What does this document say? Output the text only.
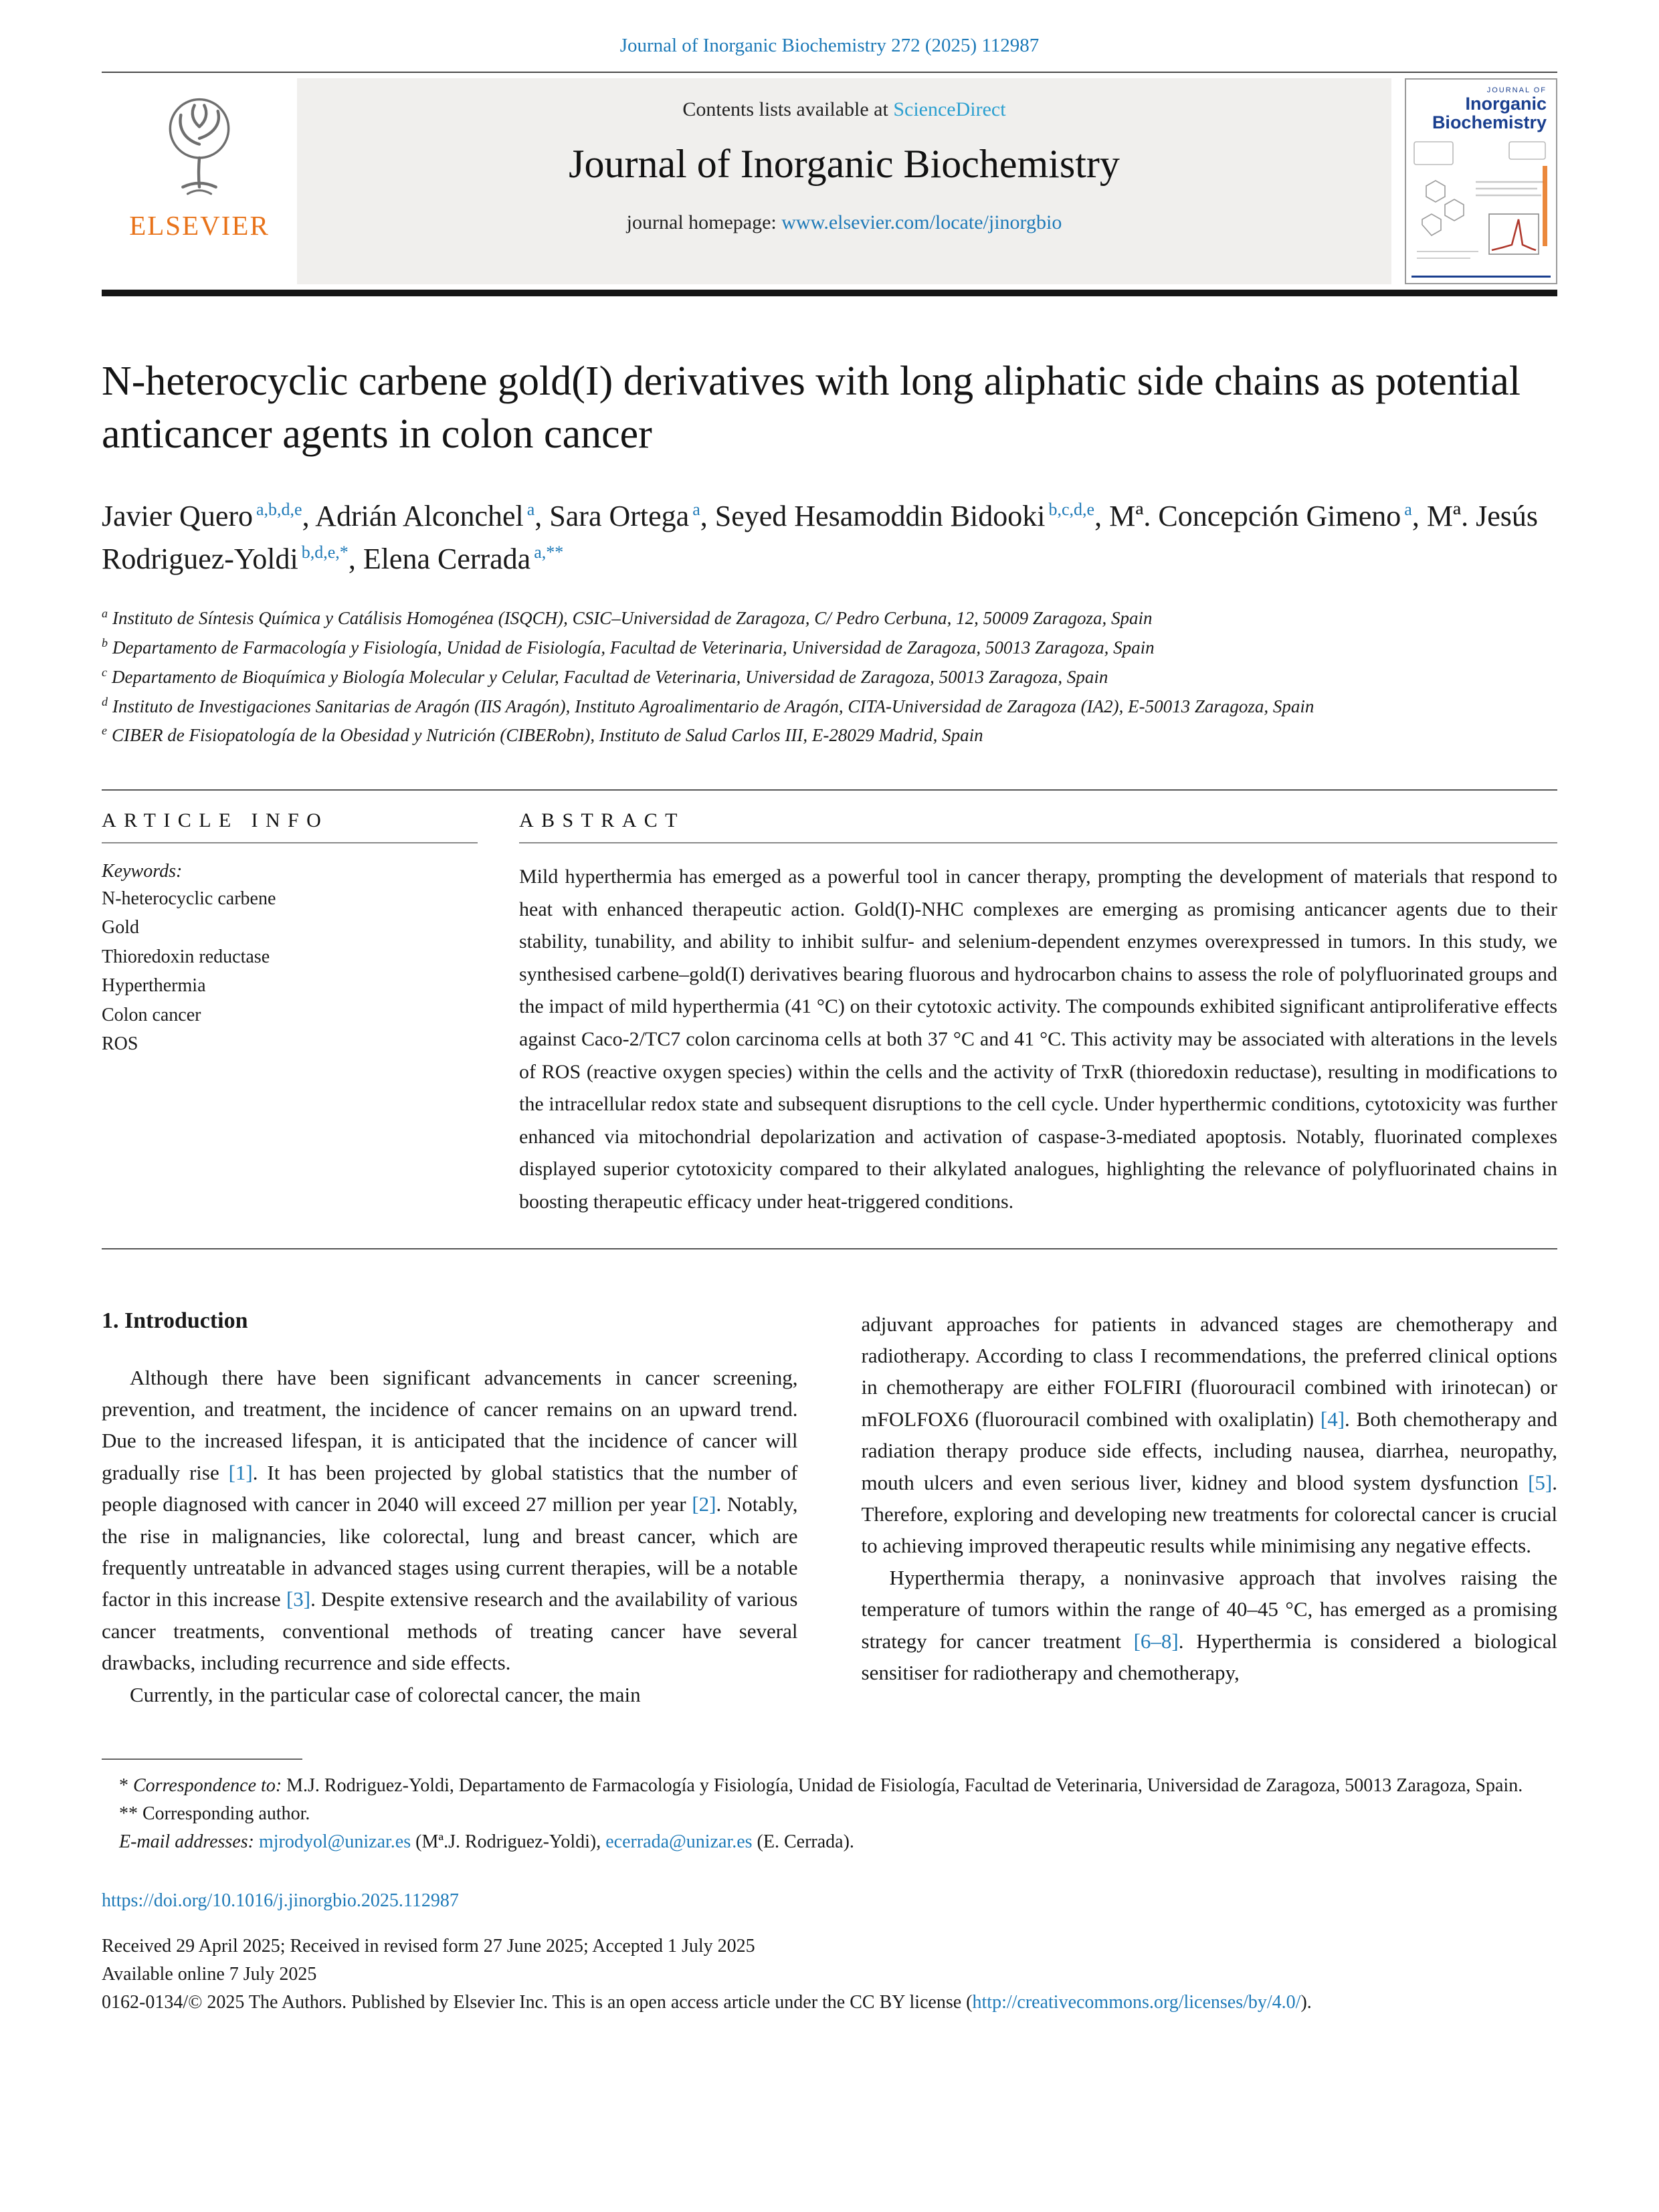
Journal of Inorganic Biochemistry 272 (2025) 112987
ELSEVIER
Contents lists available at ScienceDirect
Journal of Inorganic Biochemistry
journal homepage: www.elsevier.com/locate/jinorgbio
JOURNAL OF
Inorganic
Biochemistry
N-heterocyclic carbene gold(I) derivatives with long aliphatic side chains as potential anticancer agents in colon cancer
Javier Quero $^{a,b,d,e}$, Adrián Alconchel $^a$, Sara Ortega $^a$, Seyed Hesamoddin Bidooki $^{b,c,d,e}$, Mª. Concepción Gimeno $^a$, Mª. Jesús Rodriguez-Yoldi $^{b,d,e,*}$, Elena Cerrada $^{a,**}$
$^a$ Instituto de Síntesis Química y Catálisis Homogénea (ISQCH), CSIC–Universidad de Zaragoza, C/ Pedro Cerbuna, 12, 50009 Zaragoza, Spain
$^b$ Departamento de Farmacología y Fisiología, Unidad de Fisiología, Facultad de Veterinaria, Universidad de Zaragoza, 50013 Zaragoza, Spain
$^c$ Departamento de Bioquímica y Biología Molecular y Celular, Facultad de Veterinaria, Universidad de Zaragoza, 50013 Zaragoza, Spain
$^d$ Instituto de Investigaciones Sanitarias de Aragón (IIS Aragón), Instituto Agroalimentario de Aragón, CITA-Universidad de Zaragoza (IA2), E-50013 Zaragoza, Spain
$^e$ CIBER de Fisiopatología de la Obesidad y Nutrición (CIBERobn), Instituto de Salud Carlos III, E-28029 Madrid, Spain
ARTICLE INFO
Keywords:
N-heterocyclic carbene
Gold
Thioredoxin reductase
Hyperthermia
Colon cancer
ROS
ABSTRACT

Mild hyperthermia has emerged as a powerful tool in cancer therapy, prompting the development of materials that respond to heat with enhanced therapeutic action. Gold(I)-NHC complexes are emerging as promising anticancer agents due to their stability, tunability, and ability to inhibit sulfur- and selenium-dependent enzymes overexpressed in tumors. In this study, we synthesised carbene–gold(I) derivatives bearing fluorous and hydrocarbon chains to assess the role of polyfluorinated groups and the impact of mild hyperthermia (41 °C) on their cytotoxic activity. The compounds exhibited significant antiproliferative effects against Caco-2/TC7 colon carcinoma cells at both 37 °C and 41 °C. This activity may be associated with alterations in the levels of ROS (reactive oxygen species) within the cells and the activity of TrxR (thioredoxin reductase), resulting in modifications to the intracellular redox state and subsequent disruptions to the cell cycle. Under hyperthermic conditions, cytotoxicity was further enhanced via mitochondrial depolarization and activation of caspase-3-mediated apoptosis. Notably, fluorinated complexes displayed superior cytotoxicity compared to their alkylated analogues, highlighting the relevance of polyfluorinated chains in boosting therapeutic efficacy under heat-triggered conditions.

1. Introduction

Although there have been significant advancements in cancer screening, prevention, and treatment, the incidence of cancer remains on an upward trend. Due to the increased lifespan, it is anticipated that the incidence of cancer will gradually rise [1]. It has been projected by global statistics that the number of people diagnosed with cancer in 2040 will exceed 27 million per year [2]. Notably, the rise in malignancies, like colorectal, lung and breast cancer, which are frequently untreatable in advanced stages using current therapies, will be a notable factor in this increase [3]. Despite extensive research and the availability of various cancer treatments, conventional methods of treating cancer have several drawbacks, including recurrence and side effects.

Currently, in the particular case of colorectal cancer, the main

adjuvant approaches for patients in advanced stages are chemotherapy and radiotherapy. According to class I recommendations, the preferred clinical options in chemotherapy are either FOLFIRI (fluorouracil combined with irinotecan) or mFOLFOX6 (fluorouracil combined with oxaliplatin) [4]. Both chemotherapy and radiation therapy produce side effects, including nausea, diarrhea, neuropathy, mouth ulcers and even serious liver, kidney and blood system dysfunction [5]. Therefore, exploring and developing new treatments for colorectal cancer is crucial to achieving improved therapeutic results while minimising any negative effects.

Hyperthermia therapy, a noninvasive approach that involves raising the temperature of tumors within the range of 40–45 °C, has emerged as a promising strategy for cancer treatment [6–8]. Hyperthermia is considered a biological sensitiser for radiotherapy and chemotherapy,

* Correspondence to: M.J. Rodriguez-Yoldi, Departamento de Farmacología y Fisiología, Unidad de Fisiología, Facultad de Veterinaria, Universidad de Zaragoza, 50013 Zaragoza, Spain.

** Corresponding author.

E-mail addresses: mjrodyol@unizar.es (Mª.J. Rodriguez-Yoldi), ecerrada@unizar.es (E. Cerrada).

https://doi.org/10.1016/j.jinorgbio.2025.112987
Received 29 April 2025; Received in revised form 27 June 2025; Accepted 1 July 2025
Available online 7 July 2025

0162-0134/© 2025 The Authors. Published by Elsevier Inc. This is an open access article under the CC BY license (http://creativecommons.org/licenses/by/4.0/).
